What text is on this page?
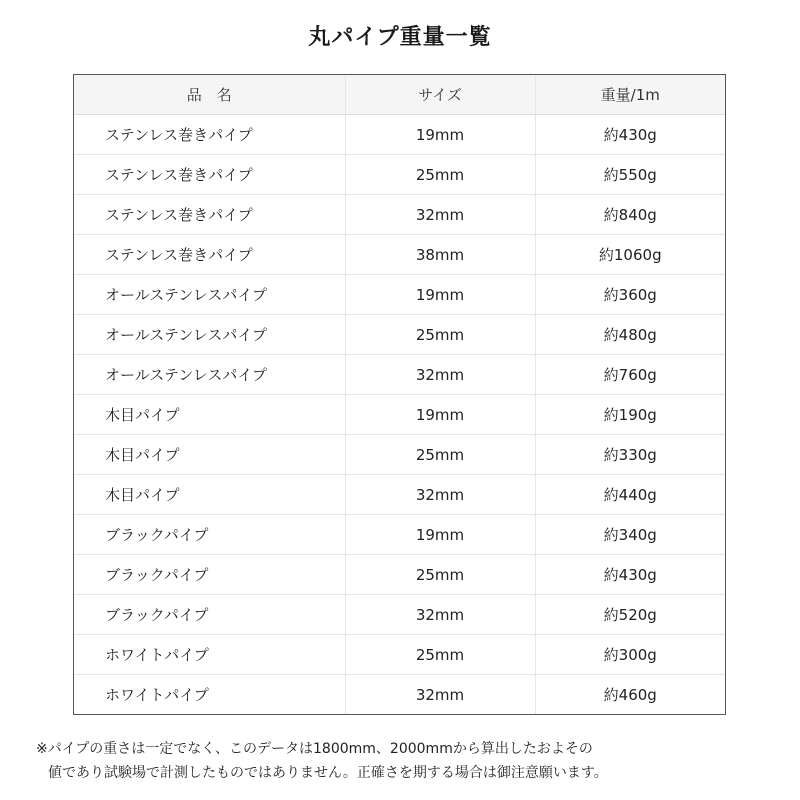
丸パイプ重量一覧
品　名	サイズ	重量/1m
ステンレス巻きパイプ	19mm	約430g
ステンレス巻きパイプ	25mm	約550g
ステンレス巻きパイプ	32mm	約840g
ステンレス巻きパイプ	38mm	約1060g
オールステンレスパイプ	19mm	約360g
オールステンレスパイプ	25mm	約480g
オールステンレスパイプ	32mm	約760g
木目パイプ	19mm	約190g
木目パイプ	25mm	約330g
木目パイプ	32mm	約440g
ブラックパイプ	19mm	約340g
ブラックパイプ	25mm	約430g
ブラックパイプ	32mm	約520g
ホワイトパイプ	25mm	約300g
ホワイトパイプ	32mm	約460g
※パイプの重さは一定でなく、このデータは1800mm、2000mmから算出したおよその
値であり試験場で計測したものではありません。正確さを期する場合は御注意願います。
